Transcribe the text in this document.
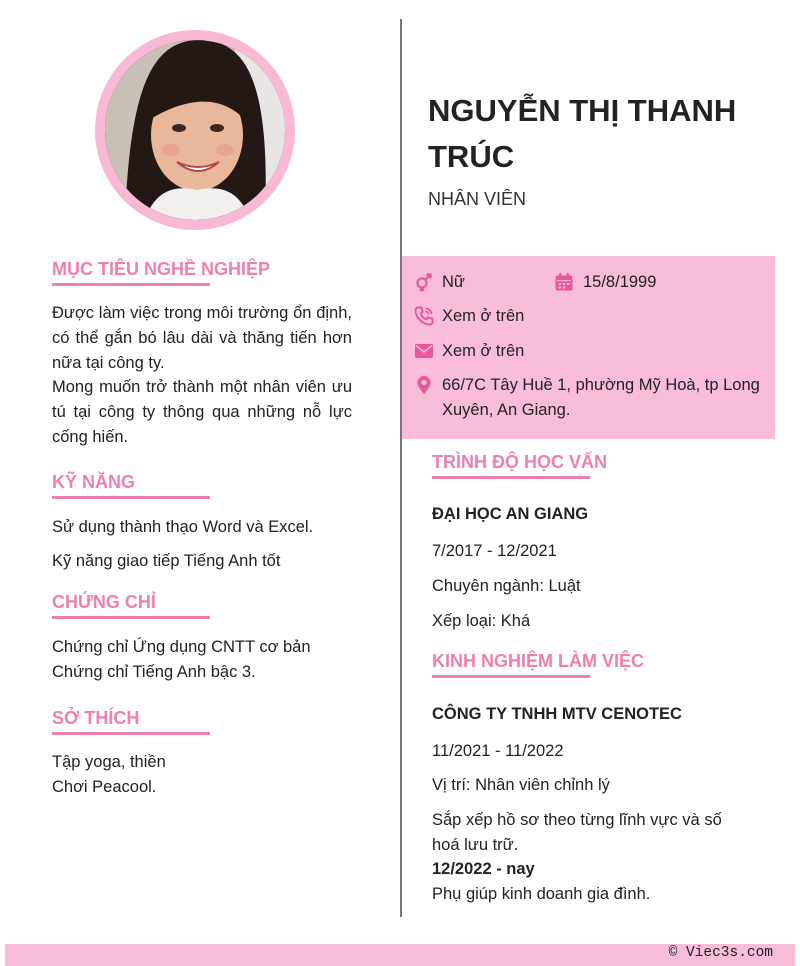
MỤC TIÊU NGHỀ NGHIỆP
Được làm việc trong môi trường ổn định, có thể gắn bó lâu dài và thăng tiến hơn nữa tại công ty.
Mong muốn trở thành một nhân viên ưu tú tại công ty thông qua những nỗ lực cống hiến.
KỸ NĂNG
Sử dụng thành thạo Word và Excel.
Kỹ năng giao tiếp Tiếng Anh tốt
CHỨNG CHỈ
Chứng chỉ Ứng dụng CNTT cơ bản
Chứng chỉ Tiếng Anh bậc 3.
SỞ THÍCH
Tập yoga, thiền
Chơi Peacool.
NGUYỄN THỊ THANH TRÚC
NHÂN VIÊN
Nữ	15/8/1999
Xem ở trên
Xem ở trên
66/7C Tây Huề 1, phường Mỹ Hoà, tp Long Xuyên, An Giang.
TRÌNH ĐỘ HỌC VẤN
ĐẠI HỌC AN GIANG
7/2017 - 12/2021
Chuyên ngành: Luật
Xếp loại: Khá
KINH NGHIỆM LÀM VIỆC
CÔNG TY TNHH MTV CENOTEC
11/2021 - 11/2022
Vị trí: Nhân viên chỉnh lý
Sắp xếp hồ sơ theo từng lĩnh vực và số hoá lưu trữ.
12/2022 - nay
Phụ giúp kinh doanh gia đình.
© Viec3s.com
